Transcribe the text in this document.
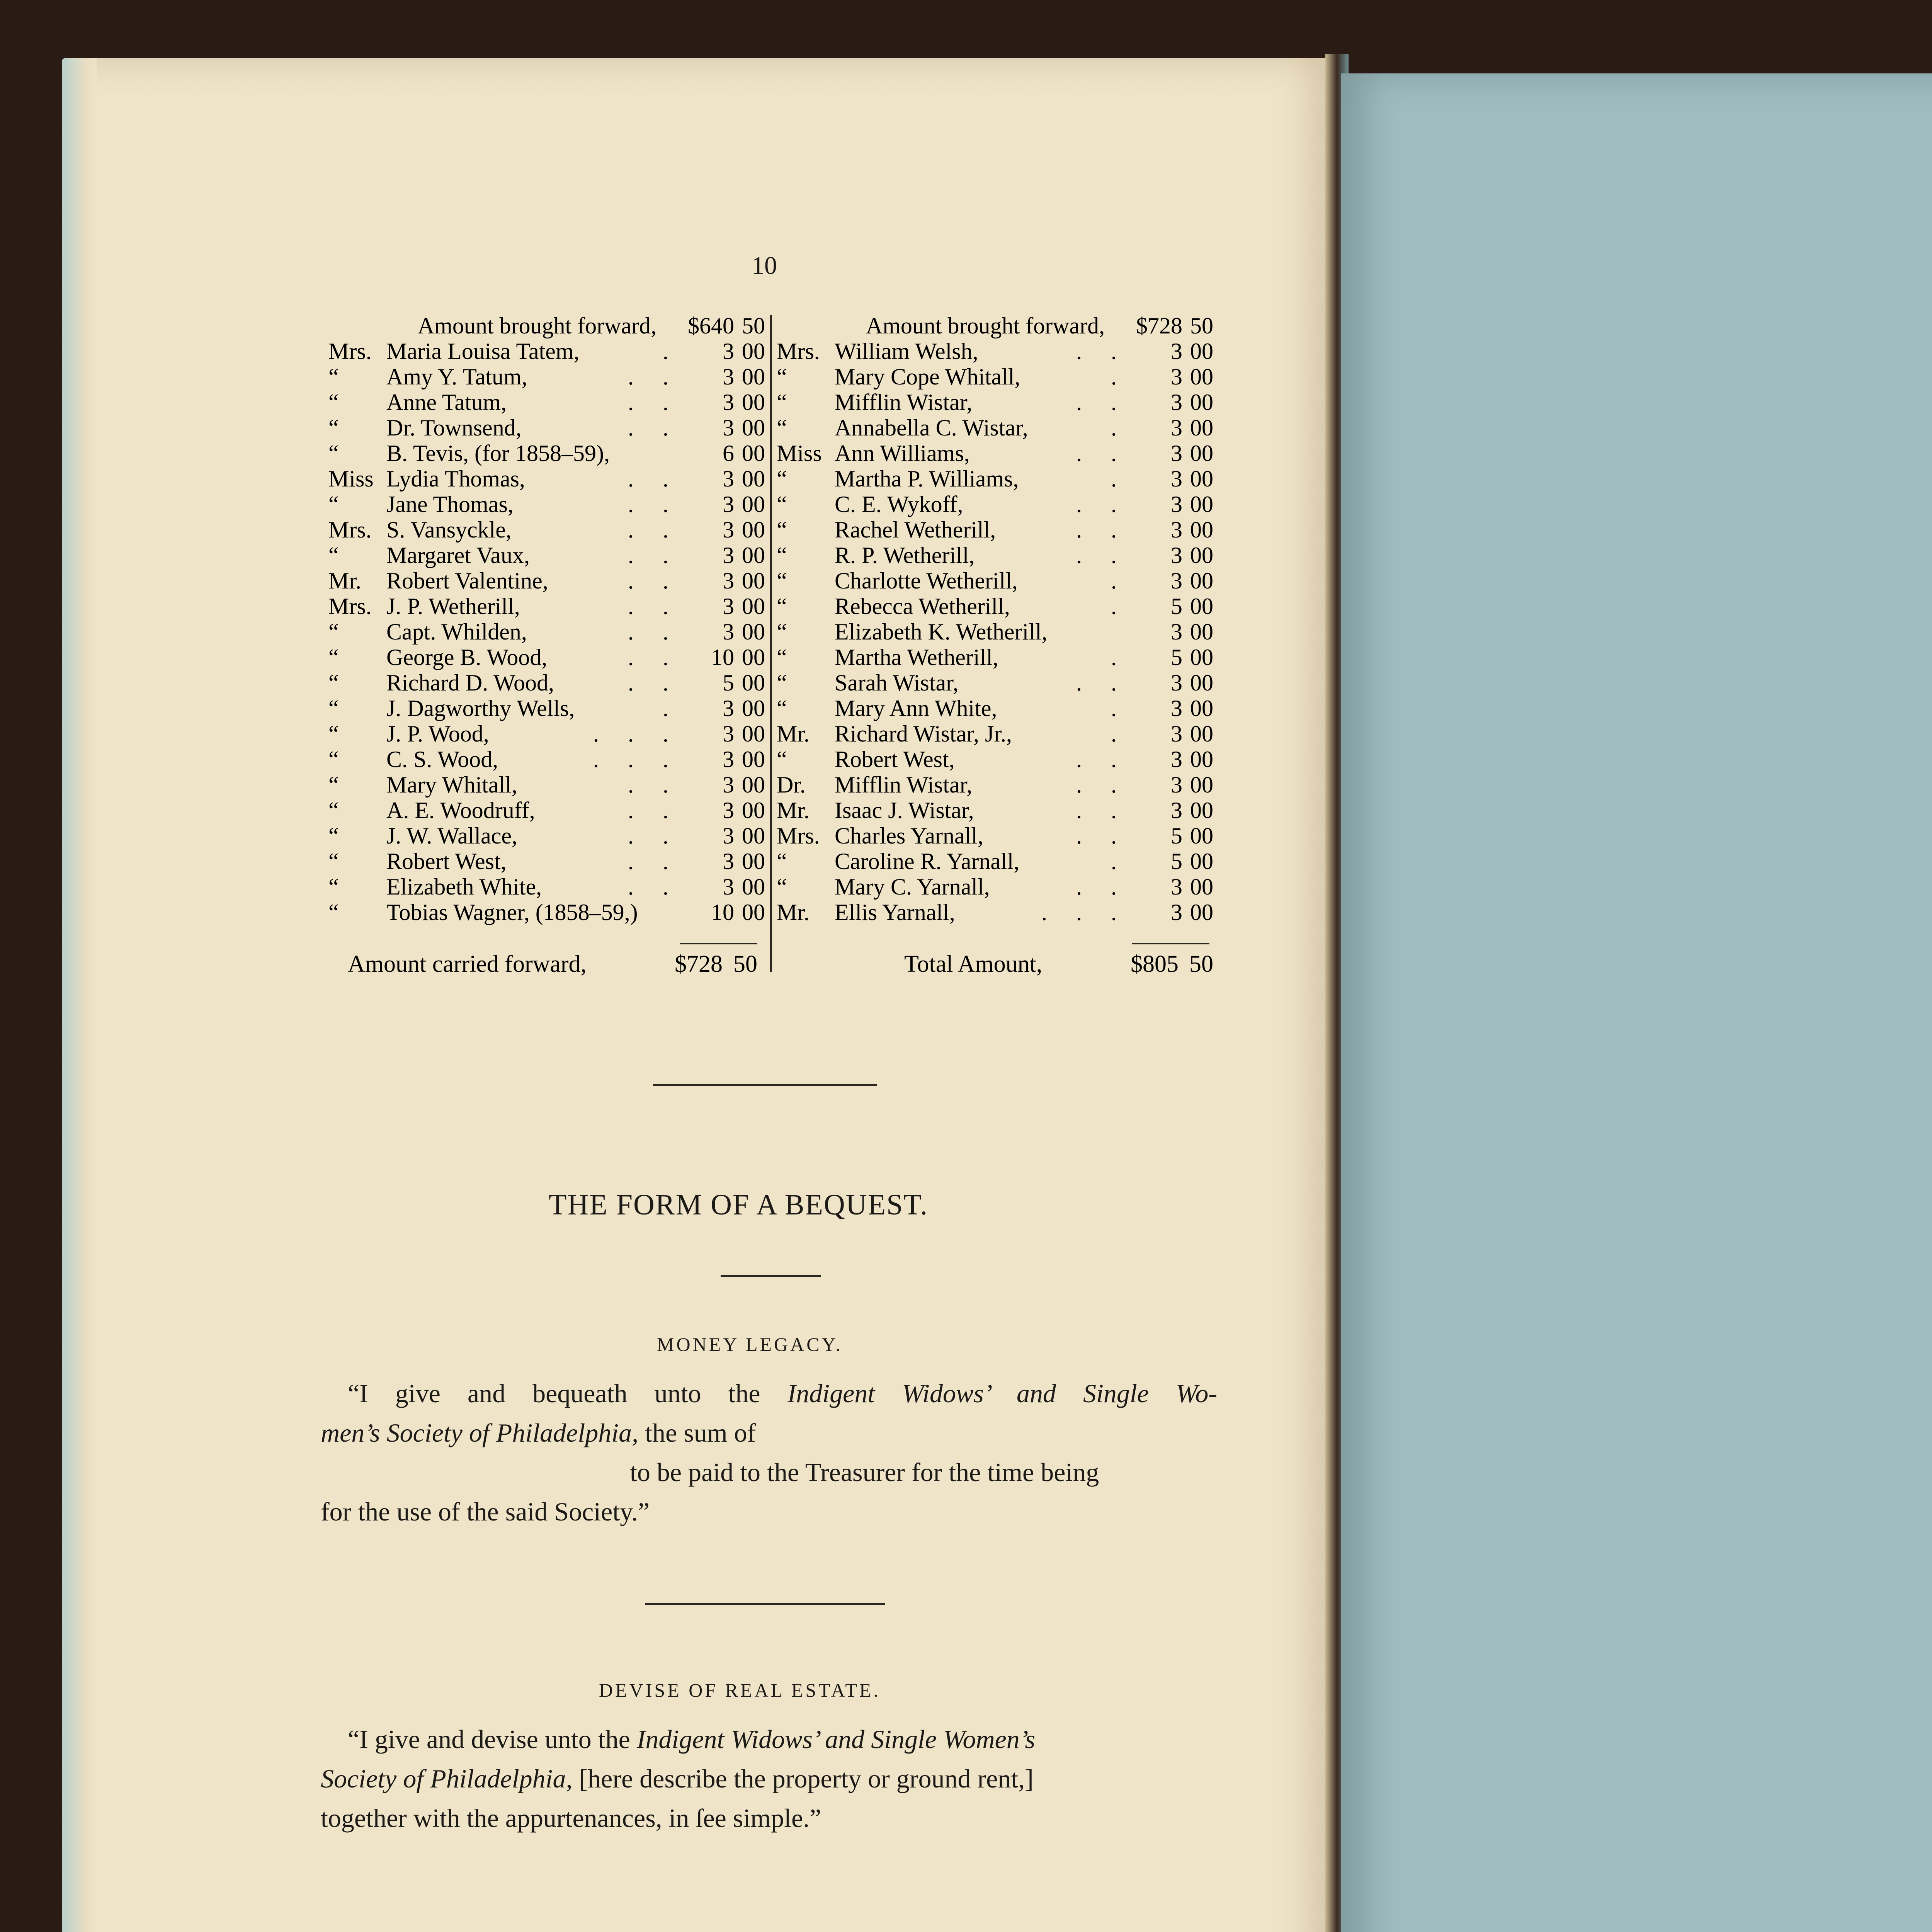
10
	Amount brought forward,	$640	50
Mrs.	Maria Louisa Tatem, .	3	00
“	Amy Y. Tatum, . .	3	00
“	Anne Tatum, . .	3	00
“	Dr. Townsend, . .	3	00
“	B. Tevis, (for 1858–59),	6	00
Miss	Lydia Thomas, . .	3	00
“	Jane Thomas, . .	3	00
Mrs.	S. Vansyckle, . .	3	00
“	Margaret Vaux, . .	3	00
Mr.	Robert Valentine, . .	3	00
Mrs.	J. P. Wetherill, . .	3	00
“	Capt. Whilden, . .	3	00
“	George B. Wood, . .	10	00
“	Richard D. Wood, . .	5	00
“	J. Dagworthy Wells, .	3	00
“	J. P. Wood, . . .	3	00
“	C. S. Wood, . . .	3	00
“	Mary Whitall, . .	3	00
“	A. E. Woodruff, . .	3	00
“	J. W. Wallace, . .	3	00
“	Robert West, . .	3	00
“	Elizabeth White, . .	3	00
“	Tobias Wagner, (1858–59,)	10	00
	Amount brought forward,	$728	50
Mrs.	William Welsh, . .	3	00
“	Mary Cope Whitall, .	3	00
“	Mifflin Wistar, . .	3	00
“	Annabella C. Wistar, .	3	00
Miss	Ann Williams, . .	3	00
“	Martha P. Williams, .	3	00
“	C. E. Wykoff, . .	3	00
“	Rachel Wetherill, . .	3	00
“	R. P. Wetherill, . .	3	00
“	Charlotte Wetherill, .	3	00
“	Rebecca Wetherill, .	5	00
“	Elizabeth K. Wetherill,	3	00
“	Martha Wetherill, .	5	00
“	Sarah Wistar, . .	3	00
“	Mary Ann White, .	3	00
Mr.	Richard Wistar, Jr., .	3	00
“	Robert West, . .	3	00
Dr.	Mifflin Wistar, . .	3	00
Mr.	Isaac J. Wistar, . .	3	00
Mrs.	Charles Yarnall, . .	5	00
“	Caroline R. Yarnall, .	5	00
“	Mary C. Yarnall, . .	3	00
Mr.	Ellis Yarnall, . . .	3	00
Amount carried forward,	$728 50	Total Amount,	$805 50
THE FORM OF A BEQUEST.
MONEY LEGACY.
“I give and bequeath unto the Indigent Widows’ and Single Wo-
men’s Society of Philadelphia, the sum of
to be paid to the Treasurer for the time being
for the use of the said Society.”
DEVISE OF REAL ESTATE.
“I give and devise unto the Indigent Widows’ and Single Women’s
Society of Philadelphia, [here describe the property or ground rent,]
together with the appurtenances, in ſee simple.”
